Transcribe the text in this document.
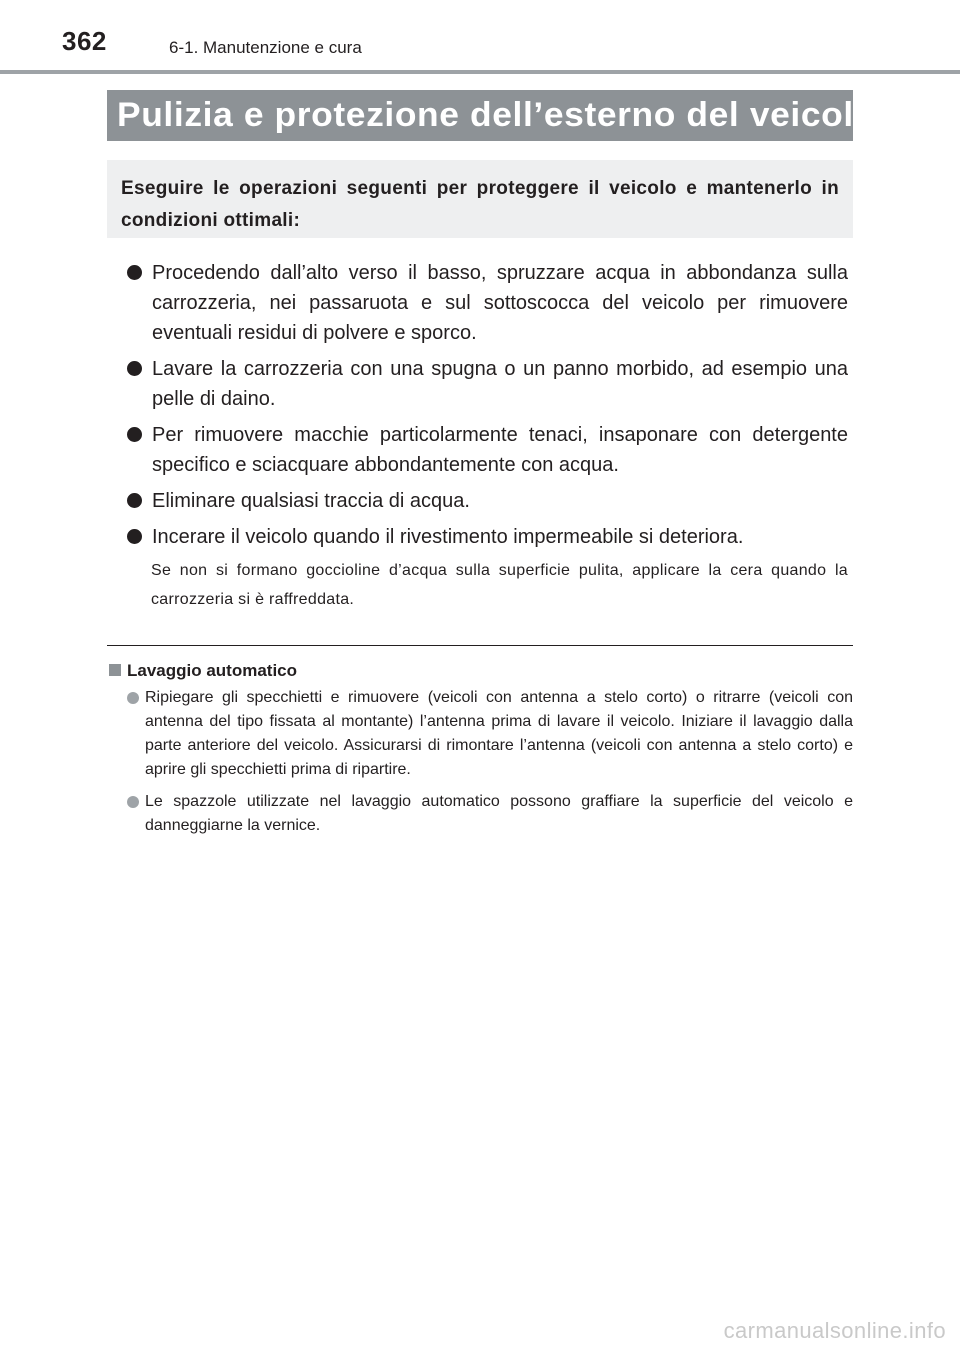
362	6-1. Manutenzione e cura
Pulizia e protezione dell’esterno del veicolo

Eseguire le operazioni seguenti per proteggere il veicolo e mantenerlo in condizioni ottimali:

Procedendo dall’alto verso il basso, spruzzare acqua in abbondanza sulla carrozzeria, nei passaruota e sul sottoscocca del veicolo per rimuovere eventuali residui di polvere e sporco.
Lavare la carrozzeria con una spugna o un panno morbido, ad esempio una pelle di daino.
Per rimuovere macchie particolarmente tenaci, insaponare con detergente specifico e sciacquare abbondantemente con acqua.
Eliminare qualsiasi traccia di acqua.
Incerare il veicolo quando il rivestimento impermeabile si deteriora.

Se non si formano goccioline d’acqua sulla superficie pulita, applicare la cera quando la carrozzeria si è raffreddata.

Lavaggio automatico
Ripiegare gli specchietti e rimuovere (veicoli con antenna a stelo corto) o ritrarre (veicoli con antenna del tipo fissata al montante) l’antenna prima di lavare il veicolo. Iniziare il lavaggio dalla parte anteriore del veicolo. Assicurarsi di rimontare l’antenna (veicoli con antenna a stelo corto) e aprire gli specchietti prima di ripartire.
Le spazzole utilizzate nel lavaggio automatico possono graffiare la superficie del veicolo e danneggiarne la vernice.
carmanualsonline.info
